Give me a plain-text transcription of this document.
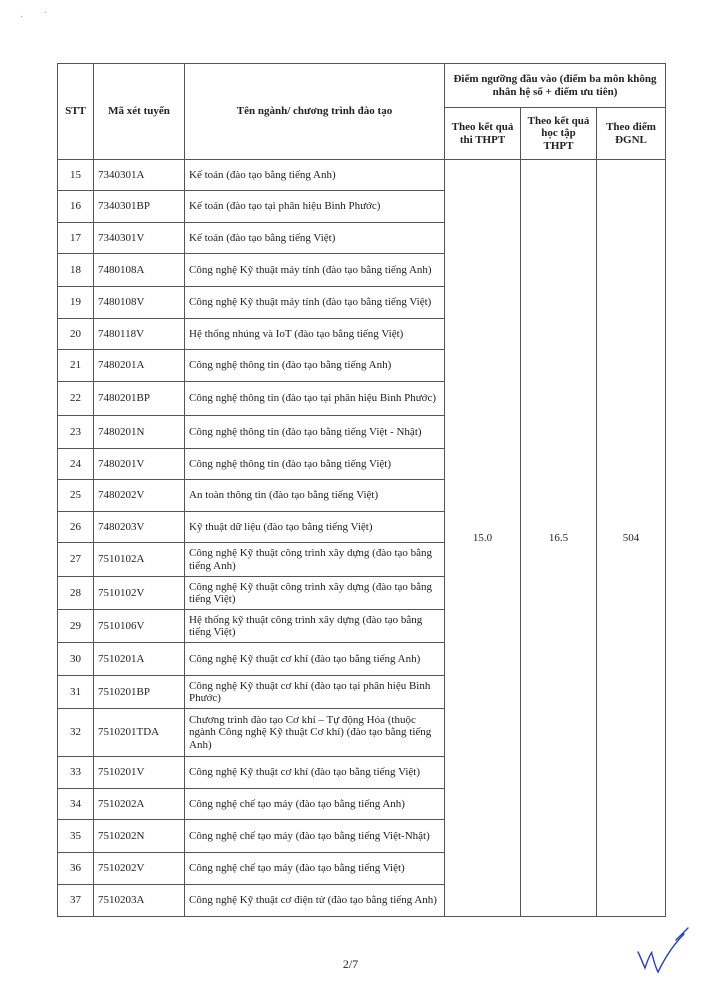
· ·
STT	Mã xét tuyển	Tên ngành/ chương trình đào tạo	Điểm ngưỡng đầu vào (điểm ba môn không nhân hệ số + điểm ưu tiên)		
			Theo kết quả thi THPT	Theo kết quả học tập THPT	Theo điểm ĐGNL
15	7340301A	Kế toán (đào tạo bằng tiếng Anh)	15.0	16.5	504
16	7340301BP	Kế toán (đào tạo tại phân hiệu Bình Phước)			
17	7340301V	Kế toán (đào tạo bằng tiếng Việt)			
18	7480108A	Công nghệ Kỹ thuật máy tính (đào tạo bằng tiếng Anh)			
19	7480108V	Công nghệ Kỹ thuật máy tính (đào tạo bằng tiếng Việt)			
20	7480118V	Hệ thống nhúng và IoT (đào tạo bằng tiếng Việt)			
21	7480201A	Công nghệ thông tin (đào tạo bằng tiếng Anh)			
22	7480201BP	Công nghệ thông tin (đào tạo tại phân hiệu Bình Phước)			
23	7480201N	Công nghệ thông tin (đào tạo bằng tiếng Việt - Nhật)			
24	7480201V	Công nghệ thông tin (đào tạo bằng tiếng Việt)			
25	7480202V	An toàn thông tin (đào tạo bằng tiếng Việt)			
26	7480203V	Kỹ thuật dữ liệu (đào tạo bằng tiếng Việt)			
27	7510102A	Công nghệ Kỹ thuật công trình xây dựng (đào tạo bằng tiếng Anh)			
28	7510102V	Công nghệ Kỹ thuật công trình xây dựng (đào tạo bằng tiếng Việt)			
29	7510106V	Hệ thống kỹ thuật công trình xây dựng (đào tạo bằng tiếng Việt)			
30	7510201A	Công nghệ Kỹ thuật cơ khí (đào tạo bằng tiếng Anh)			
31	7510201BP	Công nghệ Kỹ thuật cơ khí (đào tạo tại phân hiệu Bình Phước)			
32	7510201TDA	Chương trình đào tạo Cơ khí – Tự động Hóa (thuộc ngành Công nghệ Kỹ thuật Cơ khí) (đào tạo bằng tiếng Anh)			
33	7510201V	Công nghệ Kỹ thuật cơ khí (đào tạo bằng tiếng Việt)			
34	7510202A	Công nghệ chế tạo máy (đào tạo bằng tiếng Anh)			
35	7510202N	Công nghệ chế tạo máy (đào tạo bằng tiếng Việt-Nhật)			
36	7510202V	Công nghệ chế tạo máy (đào tạo bằng tiếng Việt)			
37	7510203A	Công nghệ Kỹ thuật cơ điện tử (đào tạo bằng tiếng Anh)			
2/7
